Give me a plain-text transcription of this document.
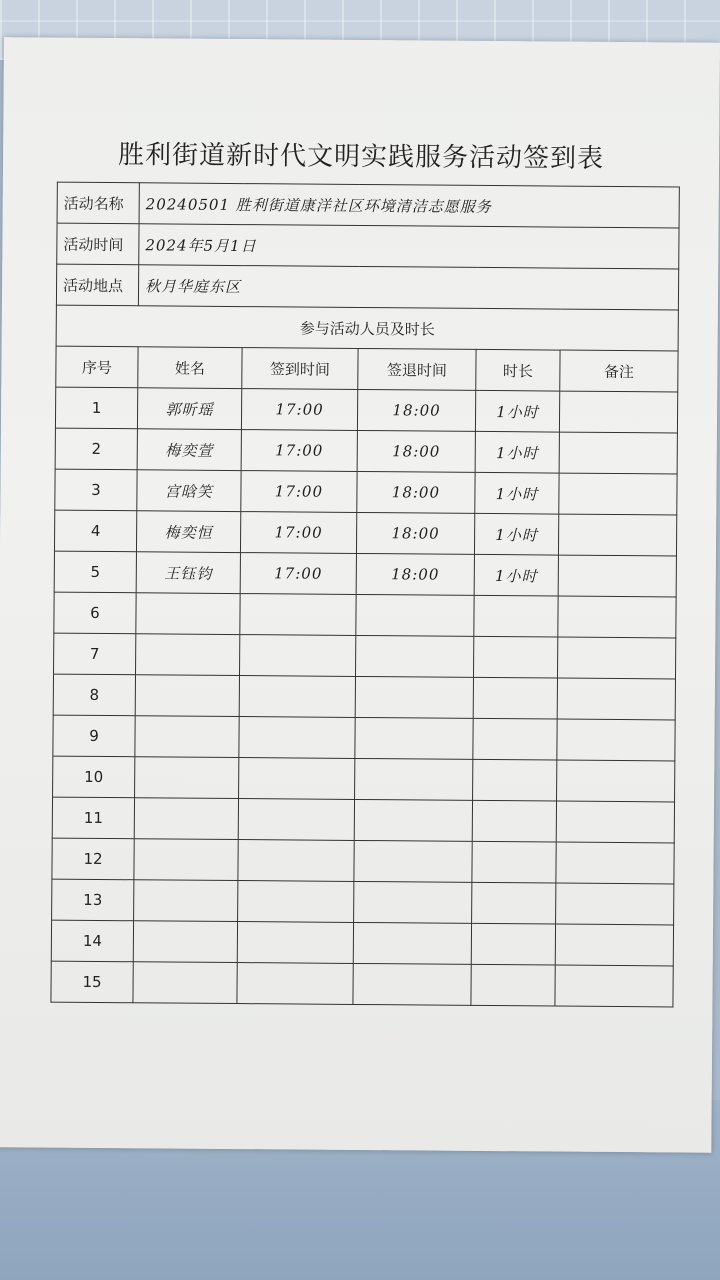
胜利街道新时代文明实践服务活动签到表
活动名称	20240501 胜利街道康洋社区环境清洁志愿服务				
活动时间	2024年5月1日				
活动地点	秋月华庭东区				
参与活动人员及时长					
序号	姓名	签到时间	签退时间	时长	备注
1	郭昕瑶	17:00	18:00	1小时	
2	梅奕萱	17:00	18:00	1小时	
3	宫晗笑	17:00	18:00	1小时	
4	梅奕恒	17:00	18:00	1小时	
5	王钰钧	17:00	18:00	1小时	
6					
7					
8					
9					
10					
11					
12					
13					
14					
15					
